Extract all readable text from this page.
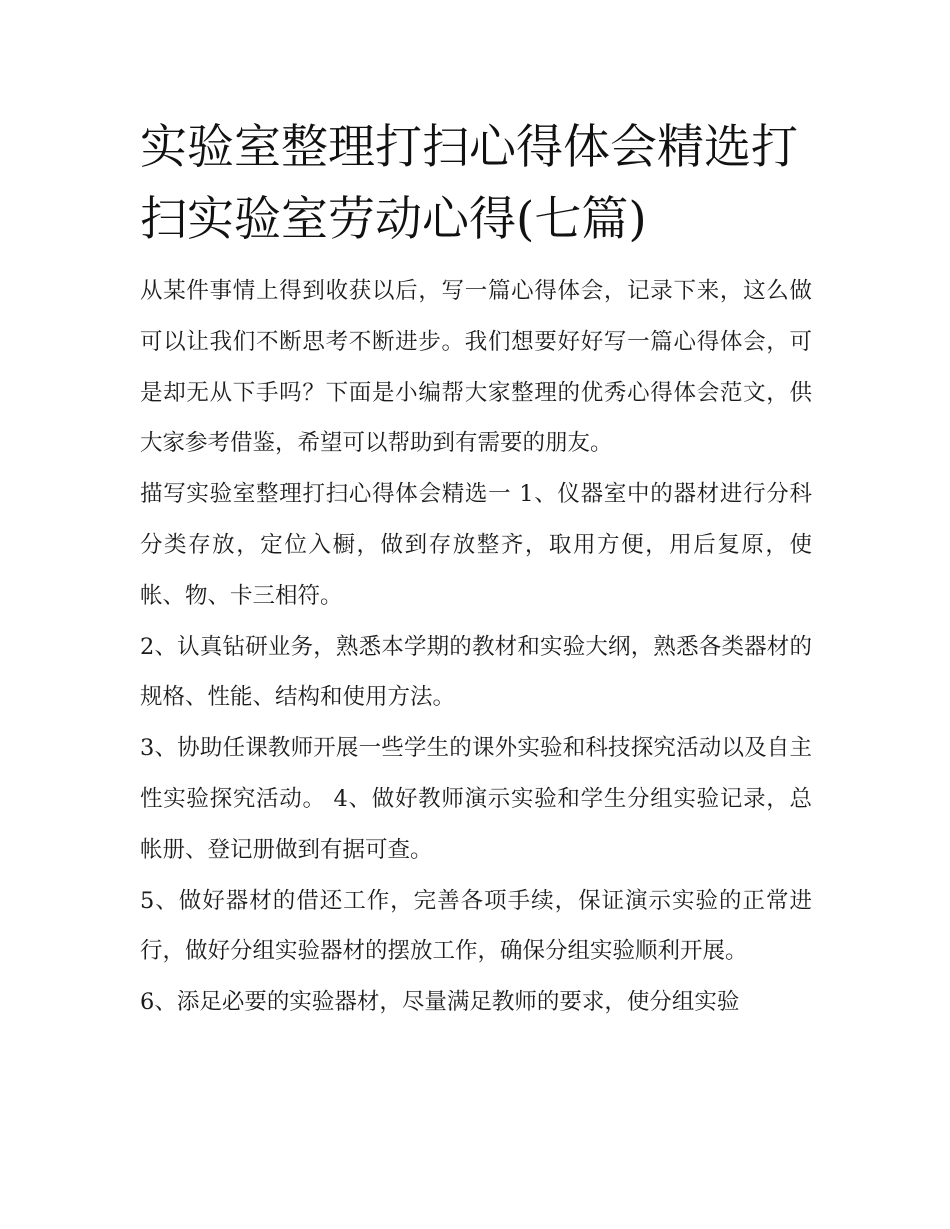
实验室整理打扫心得体会精选打扫实验室劳动心得(七篇)

从某件事情上得到收获以后，写一篇心得体会，记录下来，这么做可以让我们不断思考不断进步。我们想要好好写一篇心得体会，可是却无从下手吗？下面是小编帮大家整理的优秀心得体会范文，供大家参考借鉴，希望可以帮助到有需要的朋友。

描写实验室整理打扫心得体会精选一 1、仪器室中的器材进行分科分类存放，定位入橱，做到存放整齐，取用方便，用后复原，使帐、物、卡三相符。

2、认真钻研业务，熟悉本学期的教材和实验大纲，熟悉各类器材的规格、性能、结构和使用方法。

3、协助任课教师开展一些学生的课外实验和科技探究活动以及自主性实验探究活动。 4、做好教师演示实验和学生分组实验记录，总帐册、登记册做到有据可查。

5、做好器材的借还工作，完善各项手续，保证演示实验的正常进行，做好分组实验器材的摆放工作，确保分组实验顺利开展。

6、添足必要的实验器材，尽量满足教师的要求，使分组实验
